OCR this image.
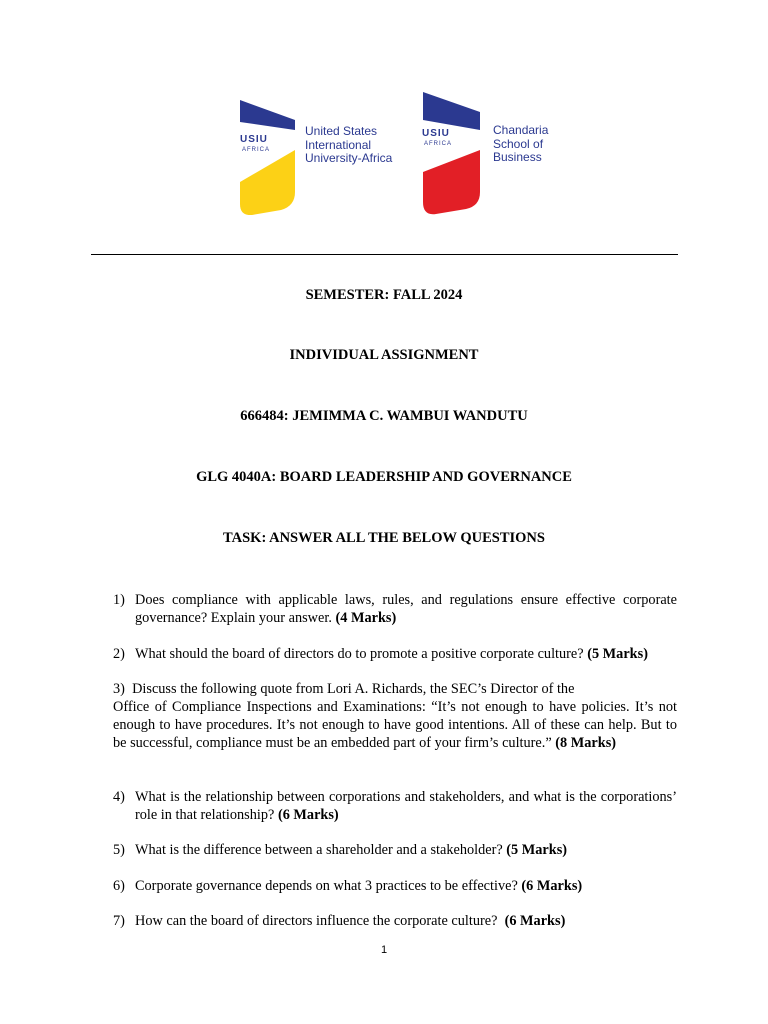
USIU
AFRICA
United States
International
University-Africa
USIU
AFRICA
Chandaria
School of
Business
SEMESTER: FALL 2024
INDIVIDUAL ASSIGNMENT
666484: JEMIMMA C. WAMBUI WANDUTU
GLG 4040A: BOARD LEADERSHIP AND GOVERNANCE
TASK: ANSWER ALL THE BELOW QUESTIONS
1) Does compliance with applicable laws, rules, and regulations ensure effective corporate governance? Explain your answer. (4 Marks)
2) What should the board of directors do to promote a positive corporate culture? (5 Marks)
3) Discuss the following quote from Lori A. Richards, the SEC’s Director of the
Office of Compliance Inspections and Examinations: “It’s not enough to have policies. It’s not enough to have procedures. It’s not enough to have good intentions. All of these can help. But to be successful, compliance must be an embedded part of your firm’s culture.” (8 Marks)
4) What is the relationship between corporations and stakeholders, and what is the corporations’ role in that relationship? (6 Marks)
5) What is the difference between a shareholder and a stakeholder? (5 Marks)
6) Corporate governance depends on what 3 practices to be effective? (6 Marks)
7) How can the board of directors influence the corporate culture?  (6 Marks)
1
